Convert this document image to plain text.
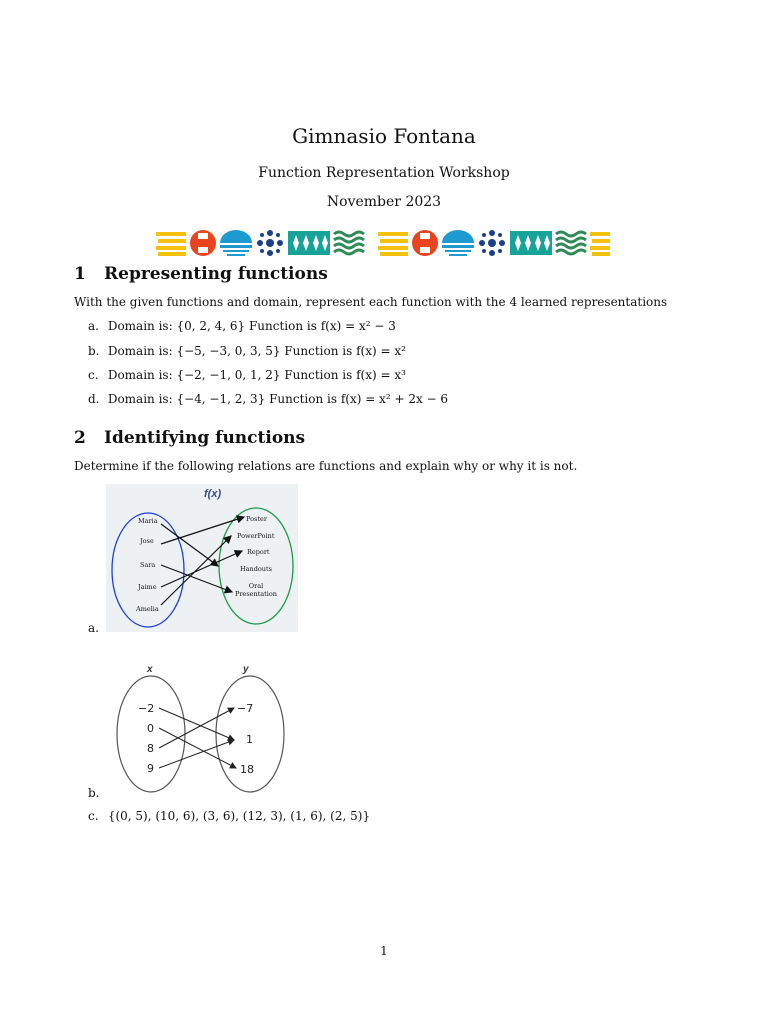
Gimnasio Fontana
Function Representation Workshop
November 2023
1 Representing functions
With the given functions and domain, represent each function with the 4 learned representations
a. Domain is: {0, 2, 4, 6} Function is f(x) = x² − 3
b. Domain is: {−5, −3, 0, 3, 5} Function is f(x) = x²
c. Domain is: {−2, −1, 0, 1, 2} Function is f(x) = x³
d. Domain is: {−4, −1, 2, 3} Function is f(x) = x² + 2x − 6
2 Identifying functions
Determine if the following relations are functions and explain why or why it is not.
a.
f(x)
Maria
Jose
Sara
Jaime
Amelia
Poster
PowerPoint
Report
Handouts
Oral Presentation
b.
x	y
−2
0
8
9
−7
1
18
c. {(0, 5), (10, 6), (3, 6), (12, 3), (1, 6), (2, 5)}
1
